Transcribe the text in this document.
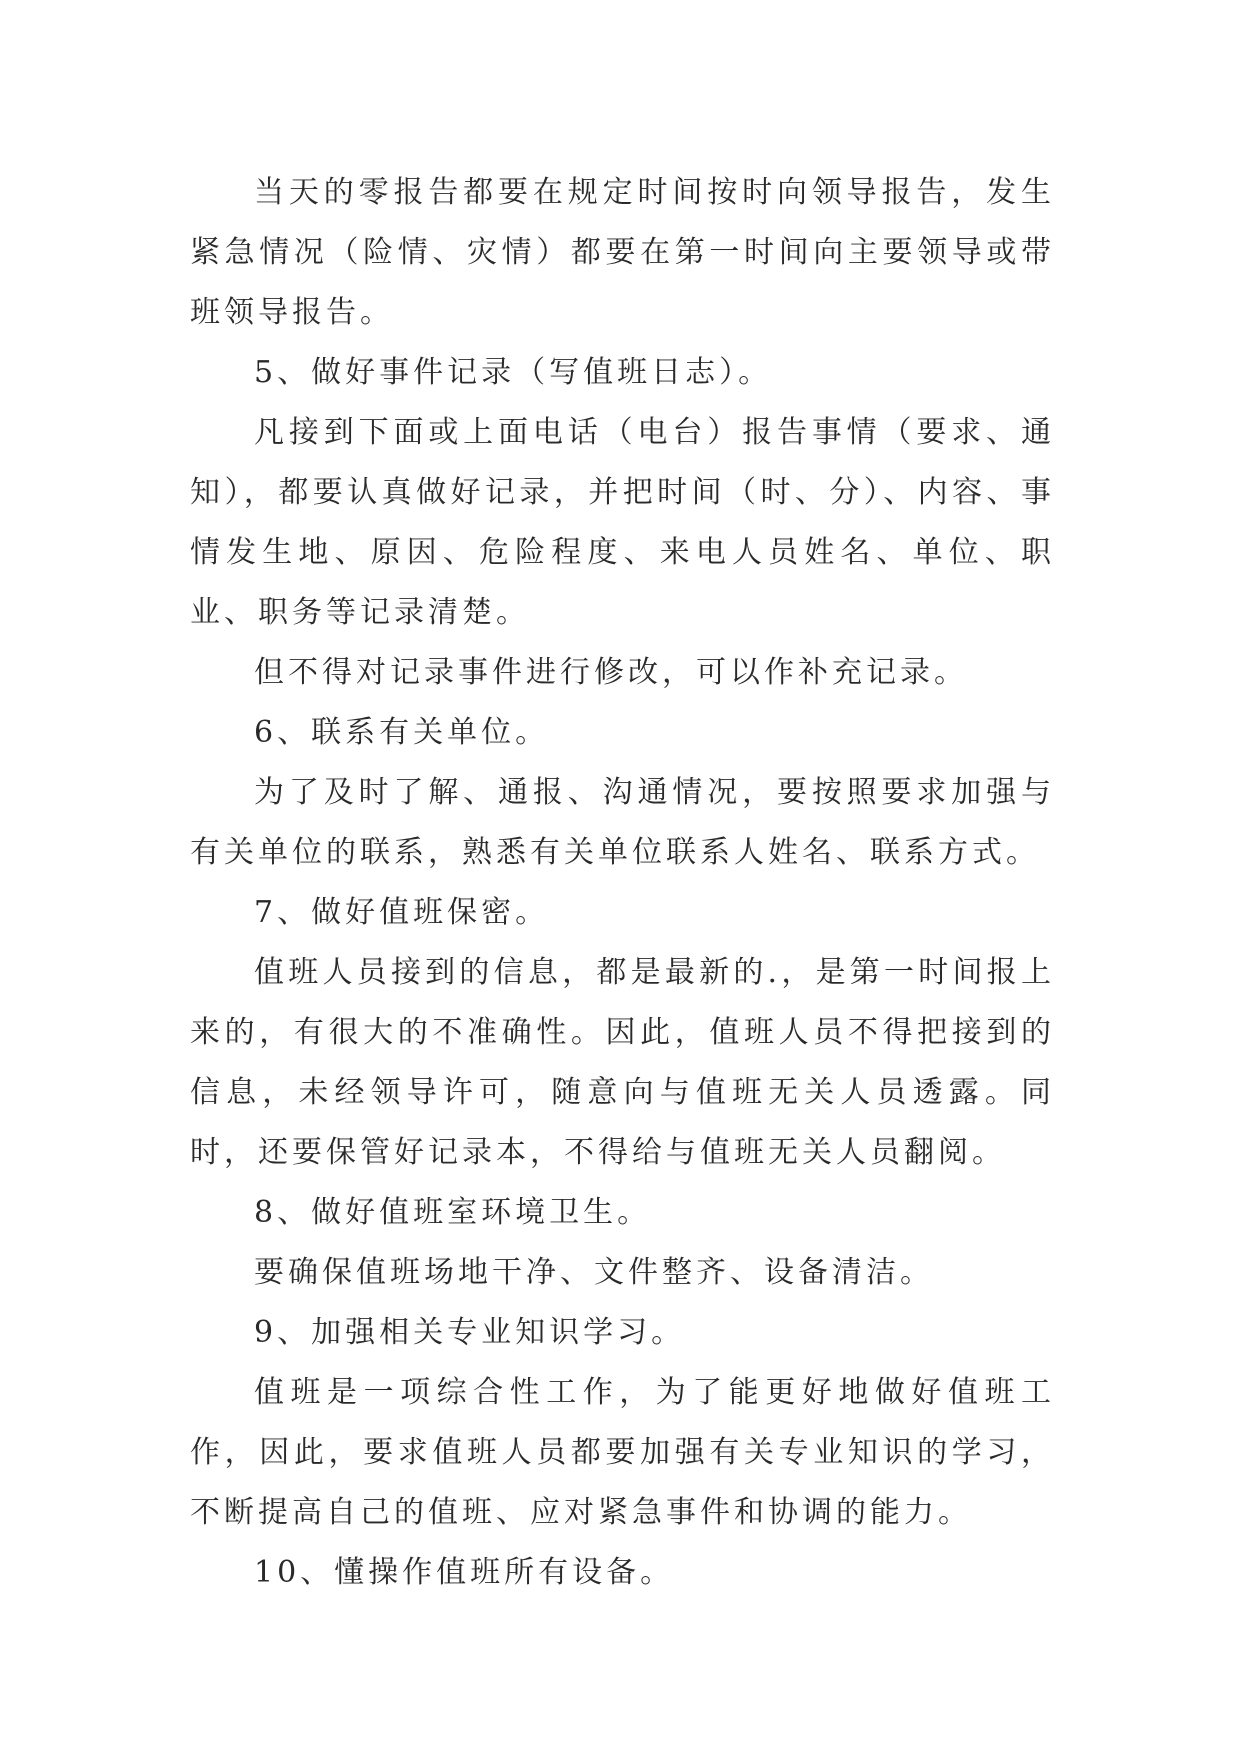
当天的零报告都要在规定时间按时向领导报告，发生紧急情况（险情、灾情）都要在第一时间向主要领导或带班领导报告。

5、做好事件记录（写值班日志）。

凡接到下面或上面电话（电台）报告事情（要求、通知），都要认真做好记录，并把时间（时、分）、内容、事情发生地、原因、危险程度、来电人员姓名、单位、职业、职务等记录清楚。

但不得对记录事件进行修改，可以作补充记录。

6、联系有关单位。

为了及时了解、通报、沟通情况，要按照要求加强与有关单位的联系，熟悉有关单位联系人姓名、联系方式。

7、做好值班保密。

值班人员接到的信息，都是最新的.，是第一时间报上来的，有很大的不准确性。因此，值班人员不得把接到的信息，未经领导许可，随意向与值班无关人员透露。同时，还要保管好记录本，不得给与值班无关人员翻阅。

8、做好值班室环境卫生。

要确保值班场地干净、文件整齐、设备清洁。

9、加强相关专业知识学习。

值班是一项综合性工作，为了能更好地做好值班工作，因此，要求值班人员都要加强有关专业知识的学习，不断提高自己的值班、应对紧急事件和协调的能力。

10、懂操作值班所有设备。
